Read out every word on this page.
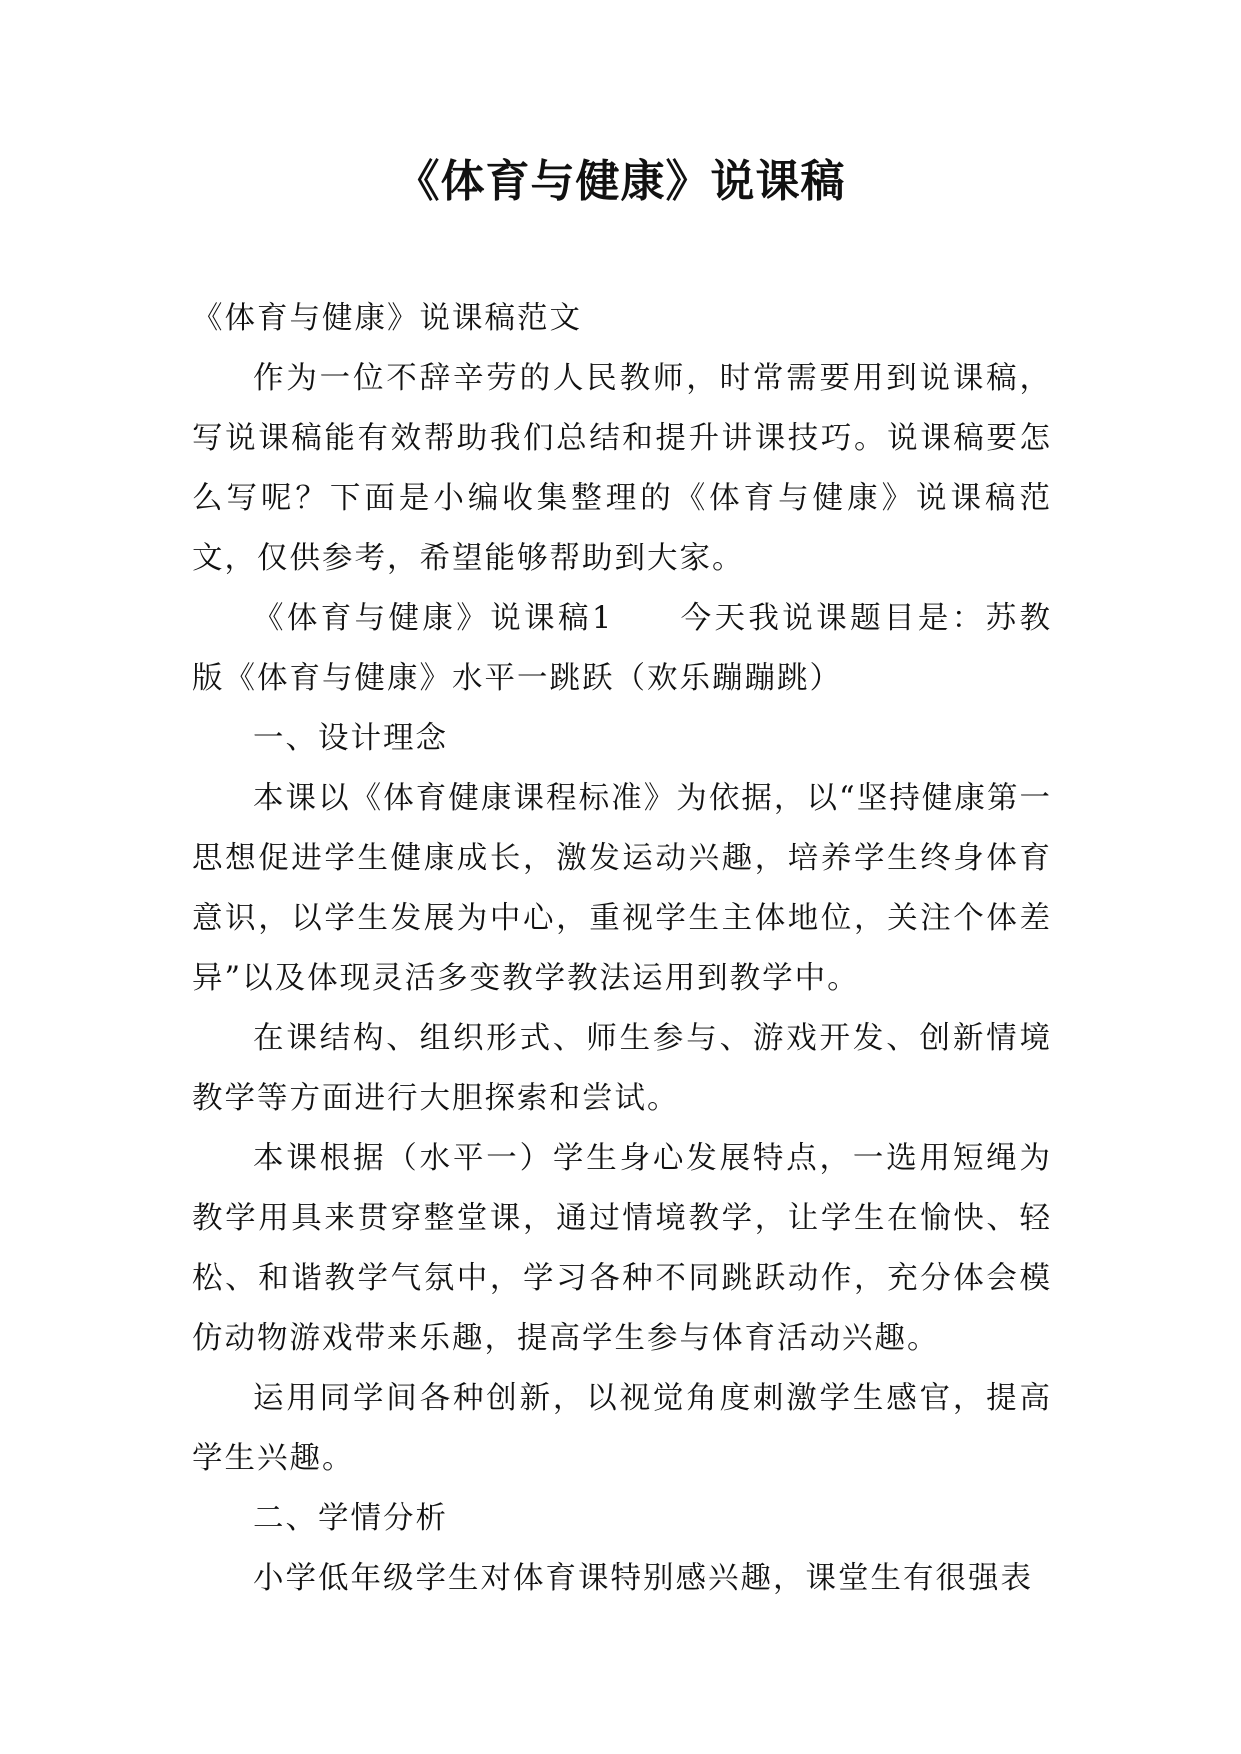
《体育与健康》说课稿

《体育与健康》说课稿范文

作为一位不辞辛劳的人民教师，时常需要用到说课稿，写说课稿能有效帮助我们总结和提升讲课技巧。说课稿要怎么写呢？下面是小编收集整理的《体育与健康》说课稿范文，仅供参考，希望能够帮助到大家。

《体育与健康》说课稿1 今天我说课题目是：苏教版《体育与健康》水平一跳跃（欢乐蹦蹦跳）

一、设计理念

本课以《体育健康课程标准》为依据，以“坚持健康第一思想促进学生健康成长，激发运动兴趣，培养学生终身体育意识，以学生发展为中心，重视学生主体地位，关注个体差异”以及体现灵活多变教学教法运用到教学中。

在课结构、组织形式、师生参与、游戏开发、创新情境教学等方面进行大胆探索和尝试。

本课根据（水平一）学生身心发展特点，一选用短绳为教学用具来贯穿整堂课，通过情境教学，让学生在愉快、轻松、和谐教学气氛中，学习各种不同跳跃动作，充分体会模仿动物游戏带来乐趣，提高学生参与体育活动兴趣。

运用同学间各种创新，以视觉角度刺激学生感官，提高学生兴趣。

二、学情分析

小学低年级学生对体育课特别感兴趣，课堂生有很强表
